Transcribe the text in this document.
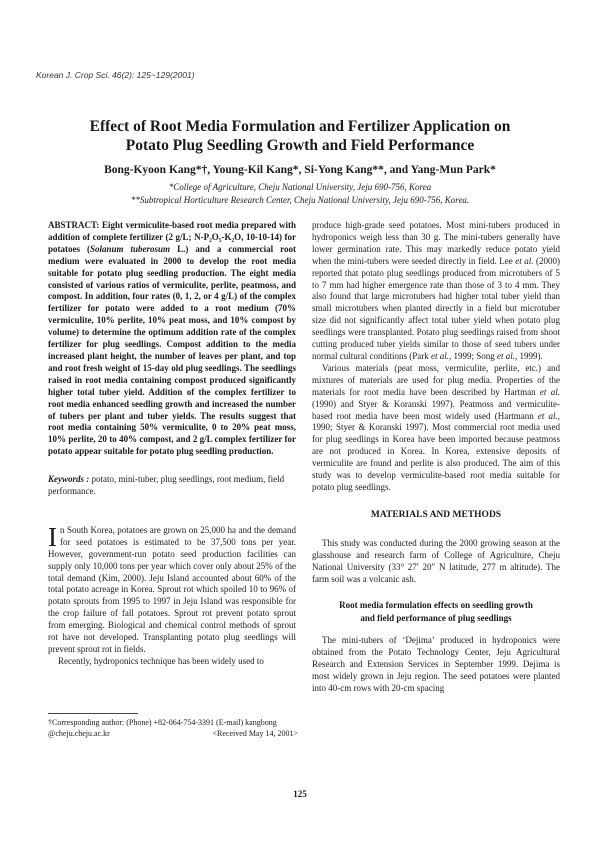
Korean J. Crop Sci. 46(2): 125~129(2001)
Effect of Root Media Formulation and Fertilizer Application on
Potato Plug Seedling Growth and Field Performance
Bong-Kyoon Kang*†, Young-Kil Kang*, Si-Yong Kang**, and Yang-Mun Park*
*College of Agriculture, Cheju National University, Jeju 690-756, Korea
**Subtropical Horticulture Research Center, Cheju National University, Jeju 690-756, Korea.

ABSTRACT: Eight vermiculite-based root media prepared with addition of complete fertilizer (2 g/L; N-P₂O₅-K₂O, 10-10-14) for potatoes (Solanum tuberosum L.) and a commercial root medium were evaluated in 2000 to develop the root media suitable for potato plug seedling production. The eight media consisted of various ratios of vermiculite, perlite, peatmoss, and compost. In addition, four rates (0, 1, 2, or 4 g/L) of the complex fertilizer for potato were added to a root medium (70% vermiculite, 10% perlite, 10% peat moss, and 10% compost by volume) to determine the optimum addition rate of the complex fertilizer for plug seedlings. Compost addition to the media increased plant height, the number of leaves per plant, and top and root fresh weight of 15-day old plug seedlings. The seedlings raised in root media containing compost produced significantly higher total tuber yield. Addition of the complex fertilizer to root media enhanced seedling growth and increased the number of tubers per plant and tuber yields. The results suggest that root media containing 50% vermiculite, 0 to 20% peat moss, 10% perlite, 20 to 40% compost, and 2 g/L complex fertilizer for potato appear suitable for potato plug seedling production.

Keywords : potato, mini-tuber, plug seedlings, root medium, field performance.

In South Korea, potatoes are grown on 25,000 ha and the demand for seed potatoes is estimated to be 37,500 tons per year. However, government-run potato seed production facilities can supply only 10,000 tons per year which cover only about 25% of the total demand (Kim, 2000). Jeju Island accounted about 60% of the total potato acreage in Korea. Sprout rot which spoiled 10 to 96% of potato sprouts from 1995 to 1997 in Jeju Island was responsible for the crop failure of fall potatoes. Sprout rot prevent potato sprout from emerging. Biological and chemical control methods of sprout rot have not developed. Transplanting potato plug seedlings will prevent sprout rot in fields.

Recently, hydroponics technique has been widely used to

†Corresponding author: (Phone) +82-064-754-3391 (E-mail) kangbong
@cheju.cheju.ac.kr	<Received May 14, 2001>

produce high-grade seed potatoes. Most mini-tubers produced in hydroponics weigh less than 30 g. The mini-tubers generally have lower germination rate. This may markedly reduce potato yield when the mini-tubers were seeded directly in field. Lee et al. (2000) reported that potato plug seedlings produced from microtubers of 5 to 7 mm had higher emergence rate than those of 3 to 4 mm. They also found that large microtubers had higher total tuber yield than small microtubers when planted directly in a field but microtuber size did not significantly affect total tuber yield when potato plug seedlings were transplanted. Potato plug seedlings raised from shoot cutting produced tuber yields similar to those of seed tubers under normal cultural conditions (Park et al., 1999; Song et al., 1999).

Various materials (peat moss, vermiculite, perlite, etc.) and mixtures of materials are used for plug media. Properties of the materials for root media have been described by Hartman et al. (1990) and Styer & Koranski 1997). Peatmoss and vermiculite-based root media have been most widely used (Hartmann et al., 1990; Styer & Koranski 1997). Most commercial root media used for plug seedlings in Korea have been imported because peatmoss are not produced in Korea. In Korea, extensive deposits of vermiculite are found and perlite is also produced. The aim of this study was to develop vermiculite-based root media suitable for potato plug seedlings.

MATERIALS AND METHODS

This study was conducted during the 2000 growing season at the glasshouse and research farm of College of Agriculture, Cheju National University (33° 27′ 20″ N latitude, 277 m altitude). The farm soil was a volcanic ash.

Root media formulation effects on seedling growth
and field performance of plug seedlings

The mini-tubers of ‘Dejima’ produced in hydroponics were obtained from the Potato Technology Center, Jeju Agricultural Research and Extension Services in September 1999. Dejima is most widely grown in Jeju region. The seed potatoes were planted into 40-cm rows with 20-cm spacing

125
